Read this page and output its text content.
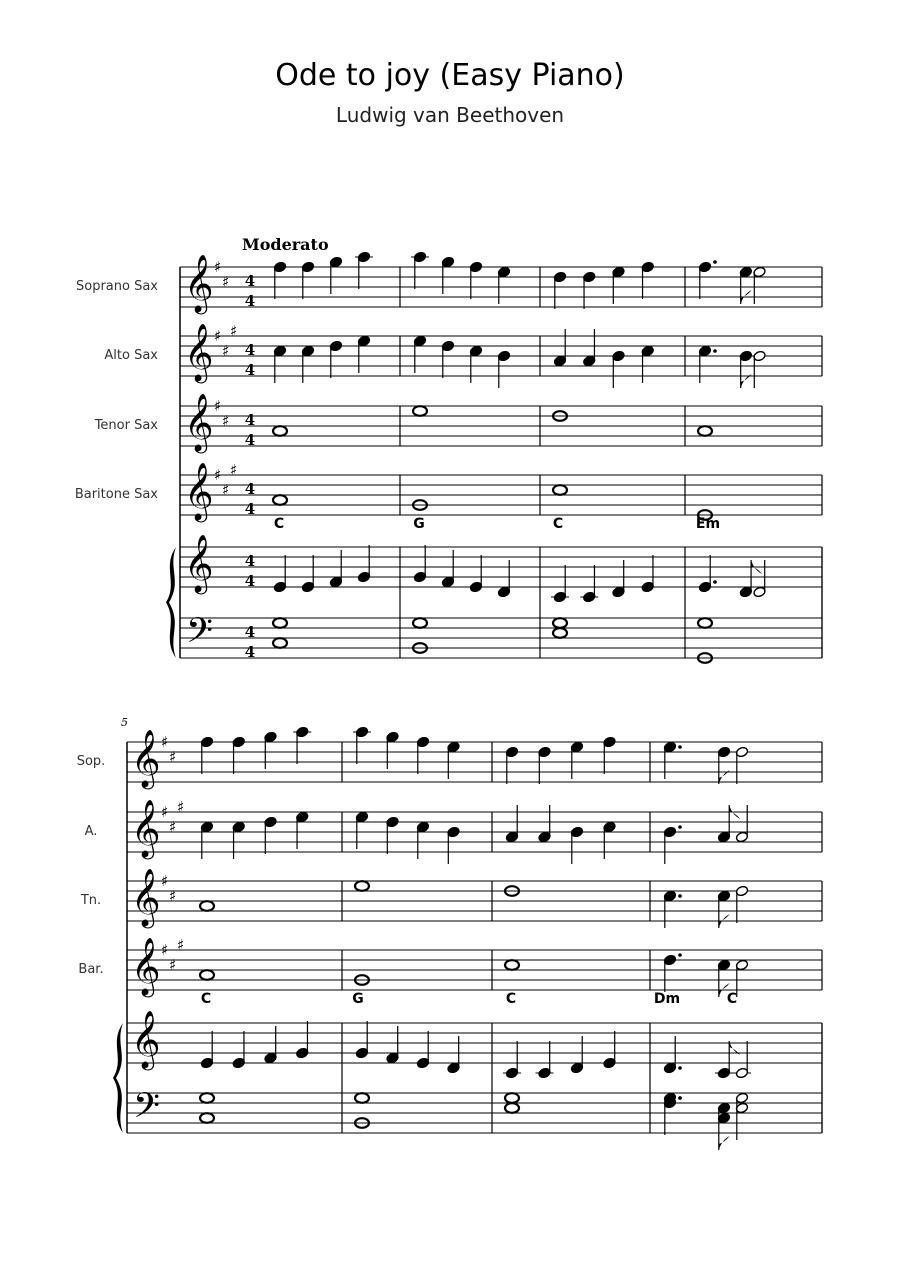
Ode to joy (Easy Piano)
Ludwig van Beethoven
Moderato
Soprano Sax 𝄞 ♯
♯ 4
4
Alto Sax 𝄞 ♯
♯
♯
4
4
Tenor Sax 𝄞 ♯
♯ 4
4
Baritone Sax 𝄞 ♯
♯
♯
4
4
C	G	C	Em
𝄞
𝄢
4
4
4
4
5
Sop. 𝄞 ♯
♯
A. 𝄞 ♯
♯
♯
Tn. 𝄞 ♯
♯
Bar. 𝄞 ♯
♯
♯
C	G	C	Dm	C
𝄞
𝄢
